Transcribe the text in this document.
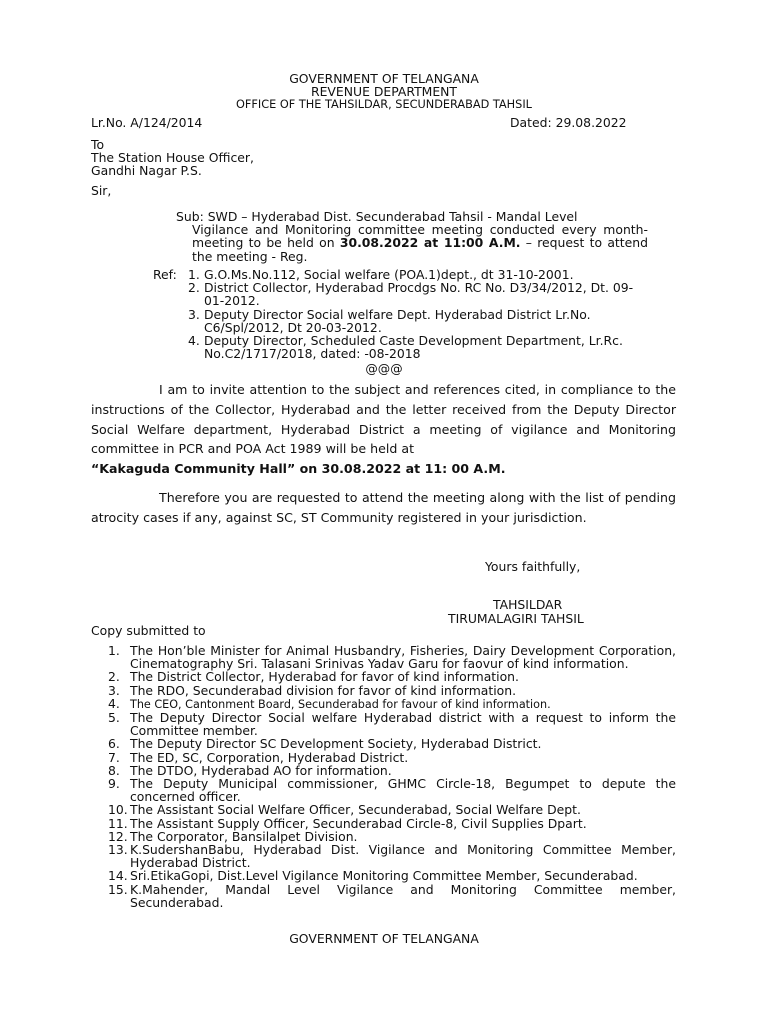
GOVERNMENT OF TELANGANA
REVENUE DEPARTMENT
OFFICE OF THE TAHSILDAR, SECUNDERABAD TAHSIL
Lr.No. A/124/2014	Dated: 29.08.2022
To
The Station House Officer,
Gandhi Nagar P.S.
Sir,
Sub: SWD – Hyderabad Dist. Secunderabad Tahsil - Mandal Level
Vigilance and Monitoring committee meeting conducted every month- meeting to be held on 30.08.2022 at 11:00 A.M. – request to attend the meeting - Reg.
Ref: 1. G.O.Ms.No.112, Social welfare (POA.1)dept., dt 31-10-2001.
2. District Collector, Hyderabad Procdgs No. RC No. D3/34/2012, Dt. 09-01-2012.
3. Deputy Director Social welfare Dept. Hyderabad District Lr.No. C6/Spl/2012, Dt 20-03-2012.
4. Deputy Director, Scheduled Caste Development Department, Lr.Rc. No.C2/1717/2018, dated: -08-2018
@@@
I am to invite attention to the subject and references cited, in compliance to the instructions of the Collector, Hyderabad and the letter received from the Deputy Director Social Welfare department, Hyderabad District a meeting of vigilance and Monitoring committee in PCR and POA Act 1989 will be held at
“Kakaguda Community Hall” on 30.08.2022 at 11: 00 A.M.
Therefore you are requested to attend the meeting along with the list of pending atrocity cases if any, against SC, ST Community registered in your jurisdiction.
Yours faithfully,
TAHSILDAR
TIRUMALAGIRI TAHSIL
Copy submitted to
1. The Hon’ble Minister for Animal Husbandry, Fisheries, Dairy Development Corporation, Cinematography Sri. Talasani Srinivas Yadav Garu for faovur of kind information.
2. The District Collector, Hyderabad for favor of kind information.
3. The RDO, Secunderabad division for favor of kind information.
4. The CEO, Cantonment Board, Secunderabad for favour of kind information.
5. The Deputy Director Social welfare Hyderabad district with a request to inform the Committee member.
6. The Deputy Director SC Development Society, Hyderabad District.
7. The ED, SC, Corporation, Hyderabad District.
8. The DTDO, Hyderabad AO for information.
9. The Deputy Municipal commissioner, GHMC Circle-18, Begumpet to depute the concerned officer.
10. The Assistant Social Welfare Officer, Secunderabad, Social Welfare Dept.
11. The Assistant Supply Officer, Secunderabad Circle-8, Civil Supplies Dpart.
12. The Corporator, Bansilalpet Division.
13. K.SudershanBabu, Hyderabad Dist. Vigilance and Monitoring Committee Member, Hyderabad District.
14. Sri.EtikaGopi, Dist.Level Vigilance Monitoring Committee Member, Secunderabad.
15. K.Mahender, Mandal Level Vigilance and Monitoring Committee member, Secunderabad.
GOVERNMENT OF TELANGANA
